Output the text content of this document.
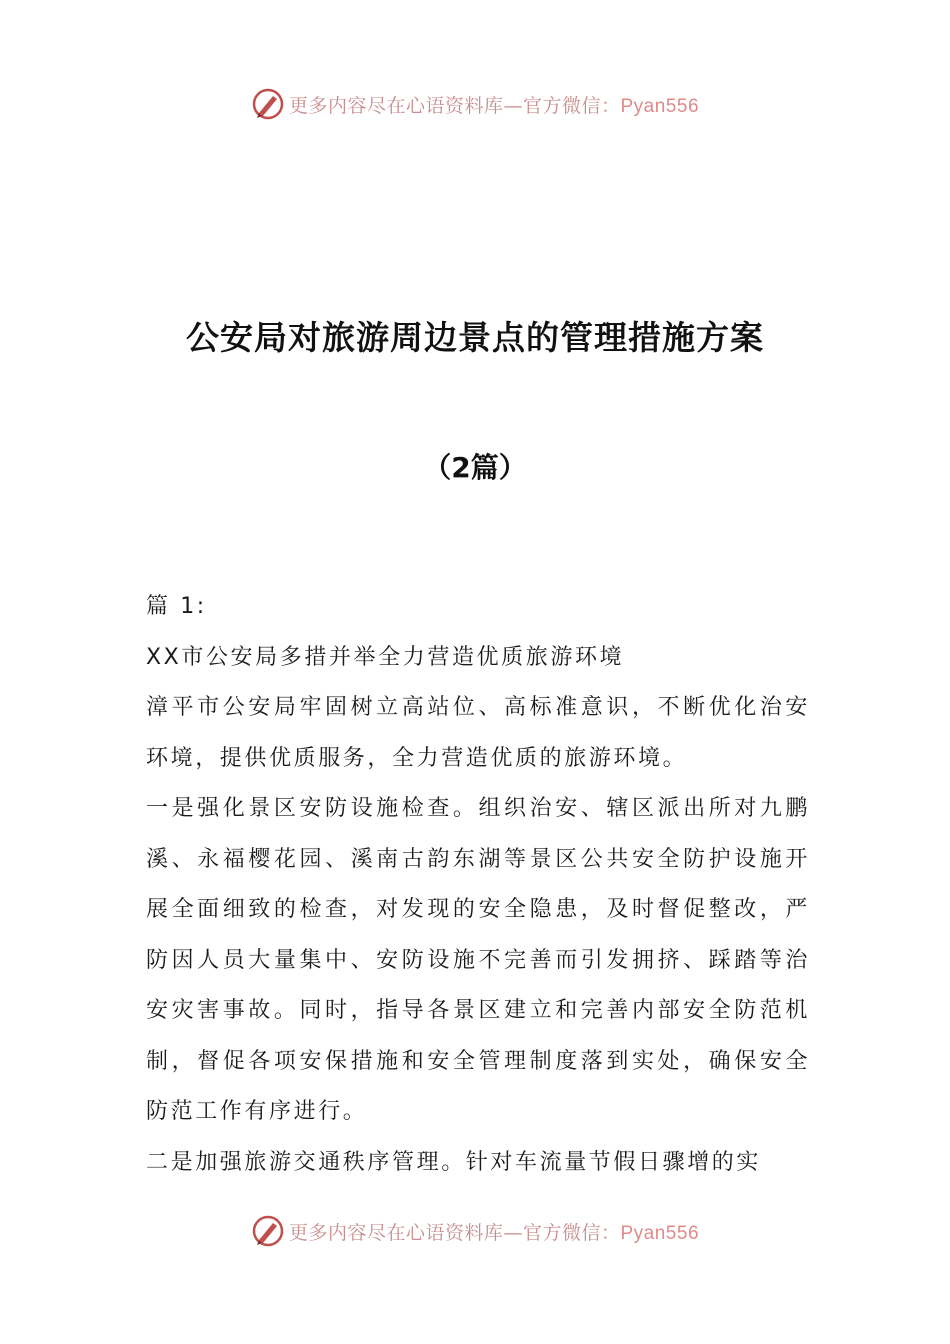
更多内容尽在心语资料库—官方微信：Pyan556
公安局对旅游周边景点的管理措施方案
（2篇）

篇 1:

XX市公安局多措并举全力营造优质旅游环境

漳平市公安局牢固树立高站位、高标准意识，不断优化治安环境，提供优质服务，全力营造优质的旅游环境。

一是强化景区安防设施检查。组织治安、辖区派出所对九鹏溪、永福樱花园、溪南古韵东湖等景区公共安全防护设施开展全面细致的检查，对发现的安全隐患，及时督促整改，严防因人员大量集中、安防设施不完善而引发拥挤、踩踏等治安灾害事故。同时，指导各景区建立和完善内部安全防范机制，督促各项安保措施和安全管理制度落到实处，确保安全防范工作有序进行。

二是加强旅游交通秩序管理。针对车流量节假日骤增的实

更多内容尽在心语资料库—官方微信：Pyan556
